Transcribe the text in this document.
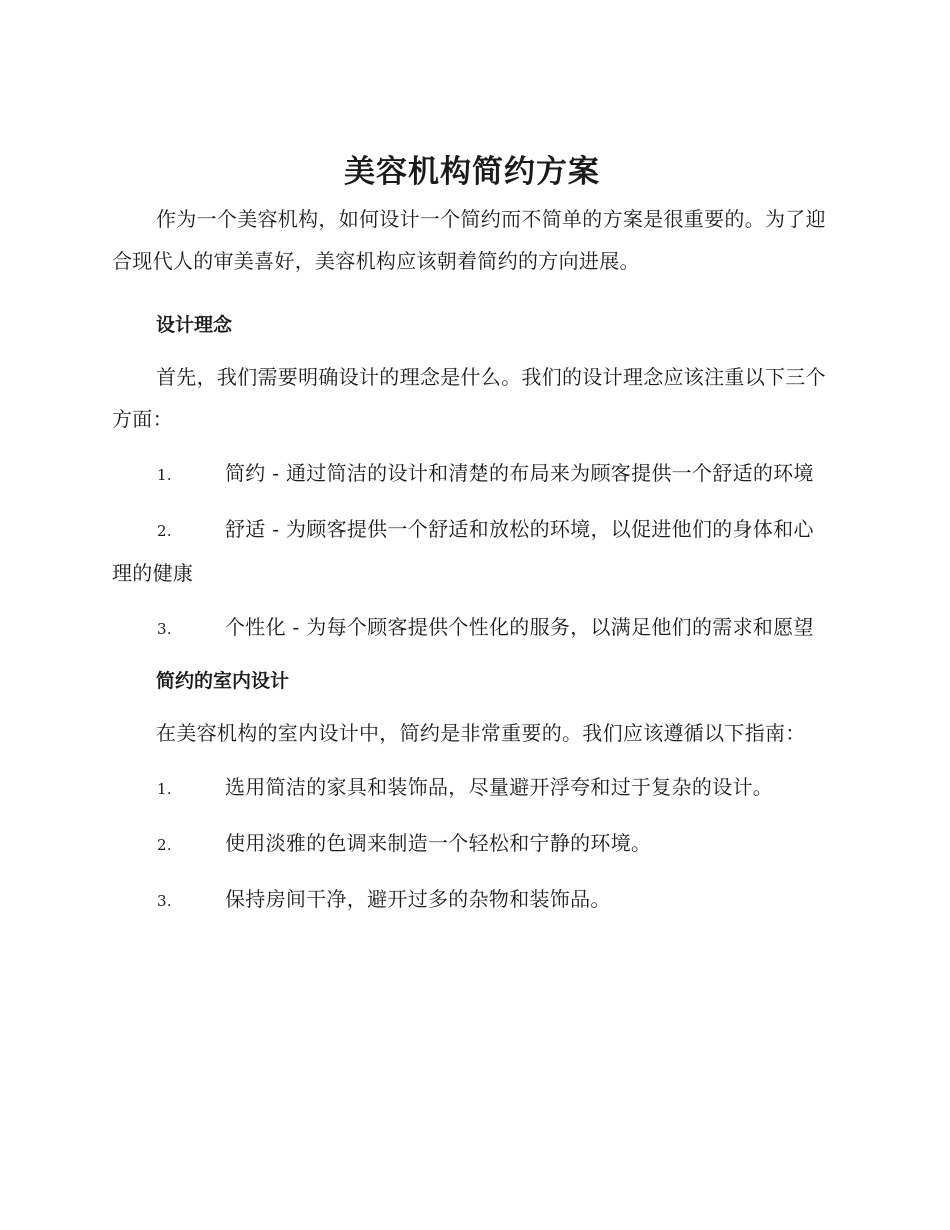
美容机构简约方案

作为一个美容机构，如何设计一个简约而不简单的方案是很重要的。为了迎合现代人的审美喜好，美容机构应该朝着简约的方向进展。

设计理念

首先，我们需要明确设计的理念是什么。我们的设计理念应该注重以下三个方面：

1.	简约 - 通过简洁的设计和清楚的布局来为顾客提供一个舒适的环境
2.	舒适 - 为顾客提供一个舒适和放松的环境，以促进他们的身体和心理的健康
3.	个性化 - 为每个顾客提供个性化的服务，以满足他们的需求和愿望
简约的室内设计

在美容机构的室内设计中，简约是非常重要的。我们应该遵循以下指南：

1.	选用简洁的家具和装饰品，尽量避开浮夸和过于复杂的设计。
2.	使用淡雅的色调来制造一个轻松和宁静的环境。
3.	保持房间干净，避开过多的杂物和装饰品。
